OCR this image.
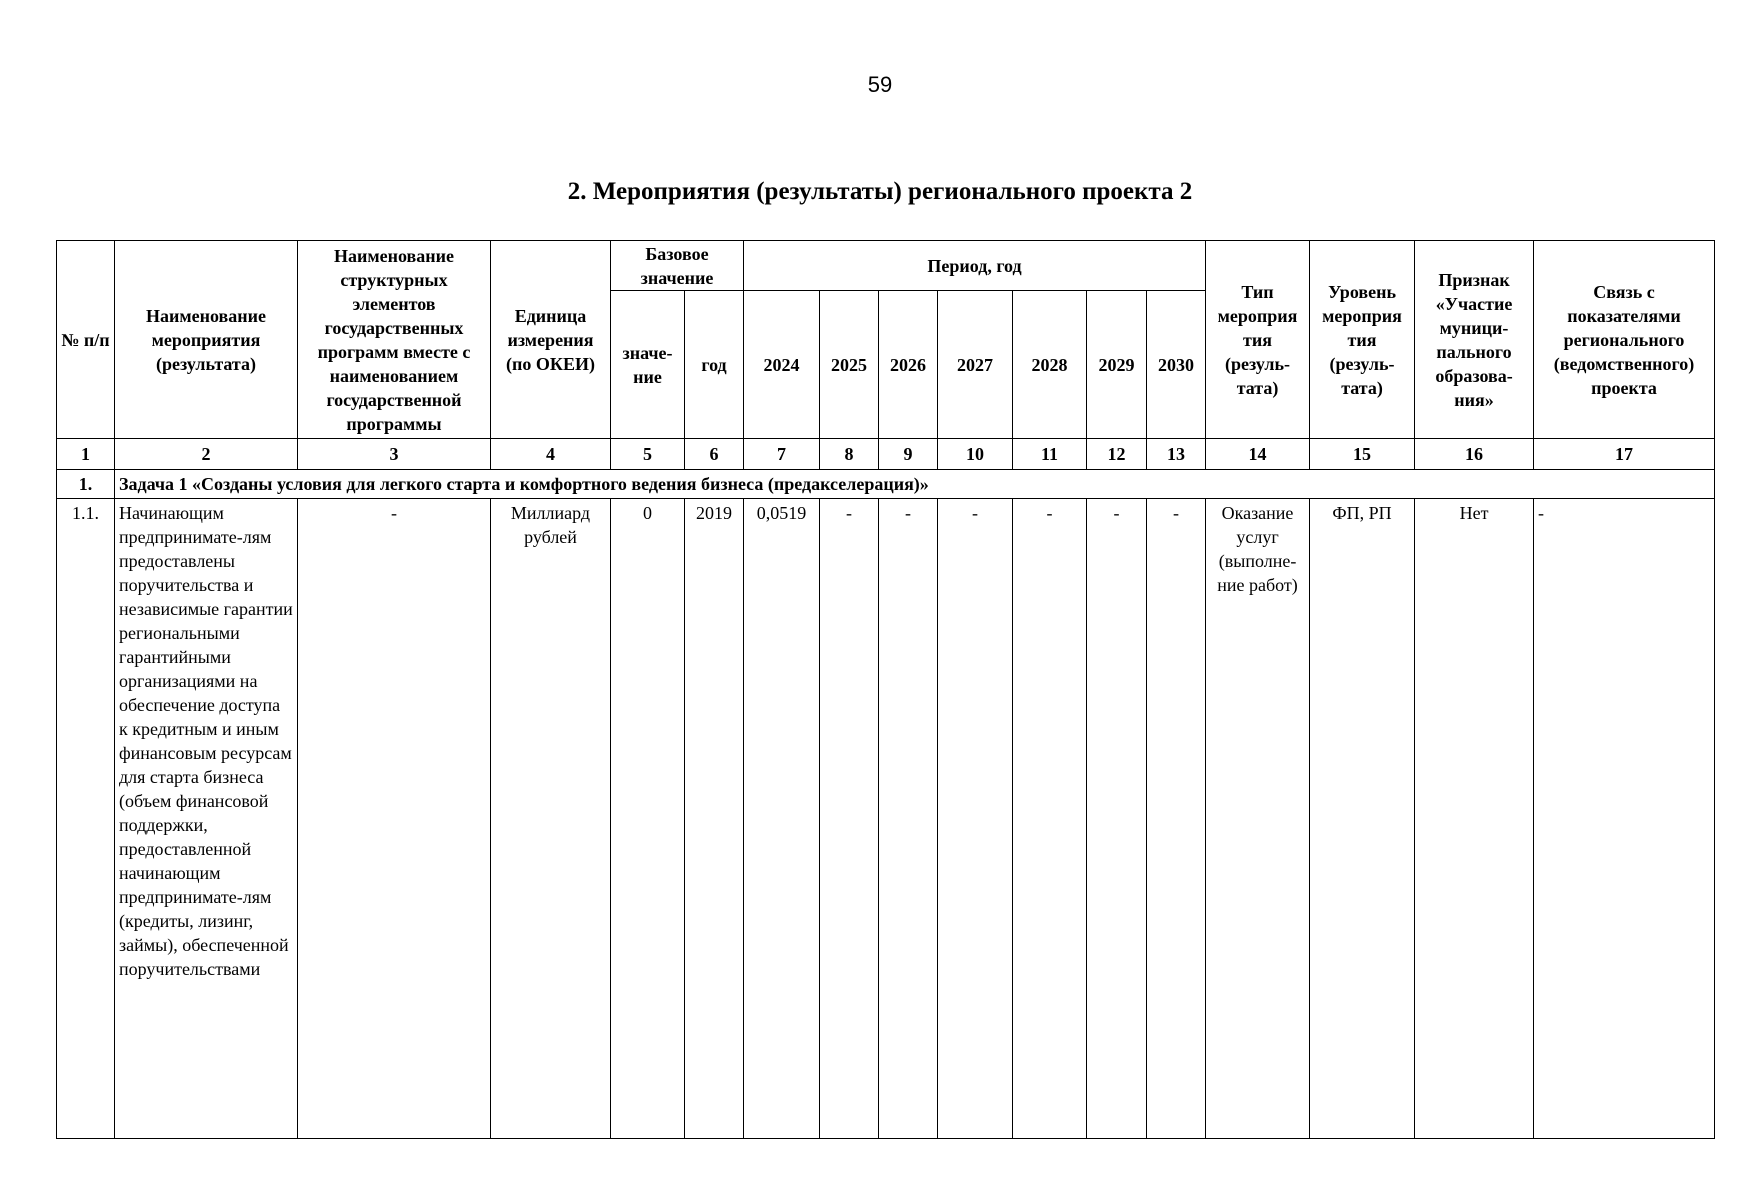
59
2. Мероприятия (результаты) регионального проекта 2
№ п/п	Наименование мероприятия (результата)	Наименование структурных элементов государственных программ вместе с наименованием государственной программы	Единица измерения (по ОКЕИ)	Базовое значение		Период, год							Тип мероприя тия (резуль-тата)	Уровень мероприя тия (резуль-тата)	Признак «Участие муници-пального образова-ния»	Связь с показателями регионального (ведомственного) проекта
				значе-ние	год	2024	2025	2026	2027	2028	2029	2030				
1	2	3	4	5	6	7	8	9	10	11	12	13	14	15	16	17
1.	Задача 1 «Созданы условия для легкого старта и комфортного ведения бизнеса (предакселерация)»															
1.1.	Начинающим предпринимате-лям предоставлены поручительства и независимые гарантии региональными гарантийными организациями на обеспечение доступа к кредитным и иным финансовым ресурсам для старта бизнеса (объем финансовой поддержки, предоставленной начинающим предпринимате-лям (кредиты, лизинг, займы), обеспеченной поручительствами	-	Миллиард рублей	0	2019	0,0519	-	-	-	-	-	-	Оказание услуг (выполне-ние работ)	ФП, РП	Нет	-
